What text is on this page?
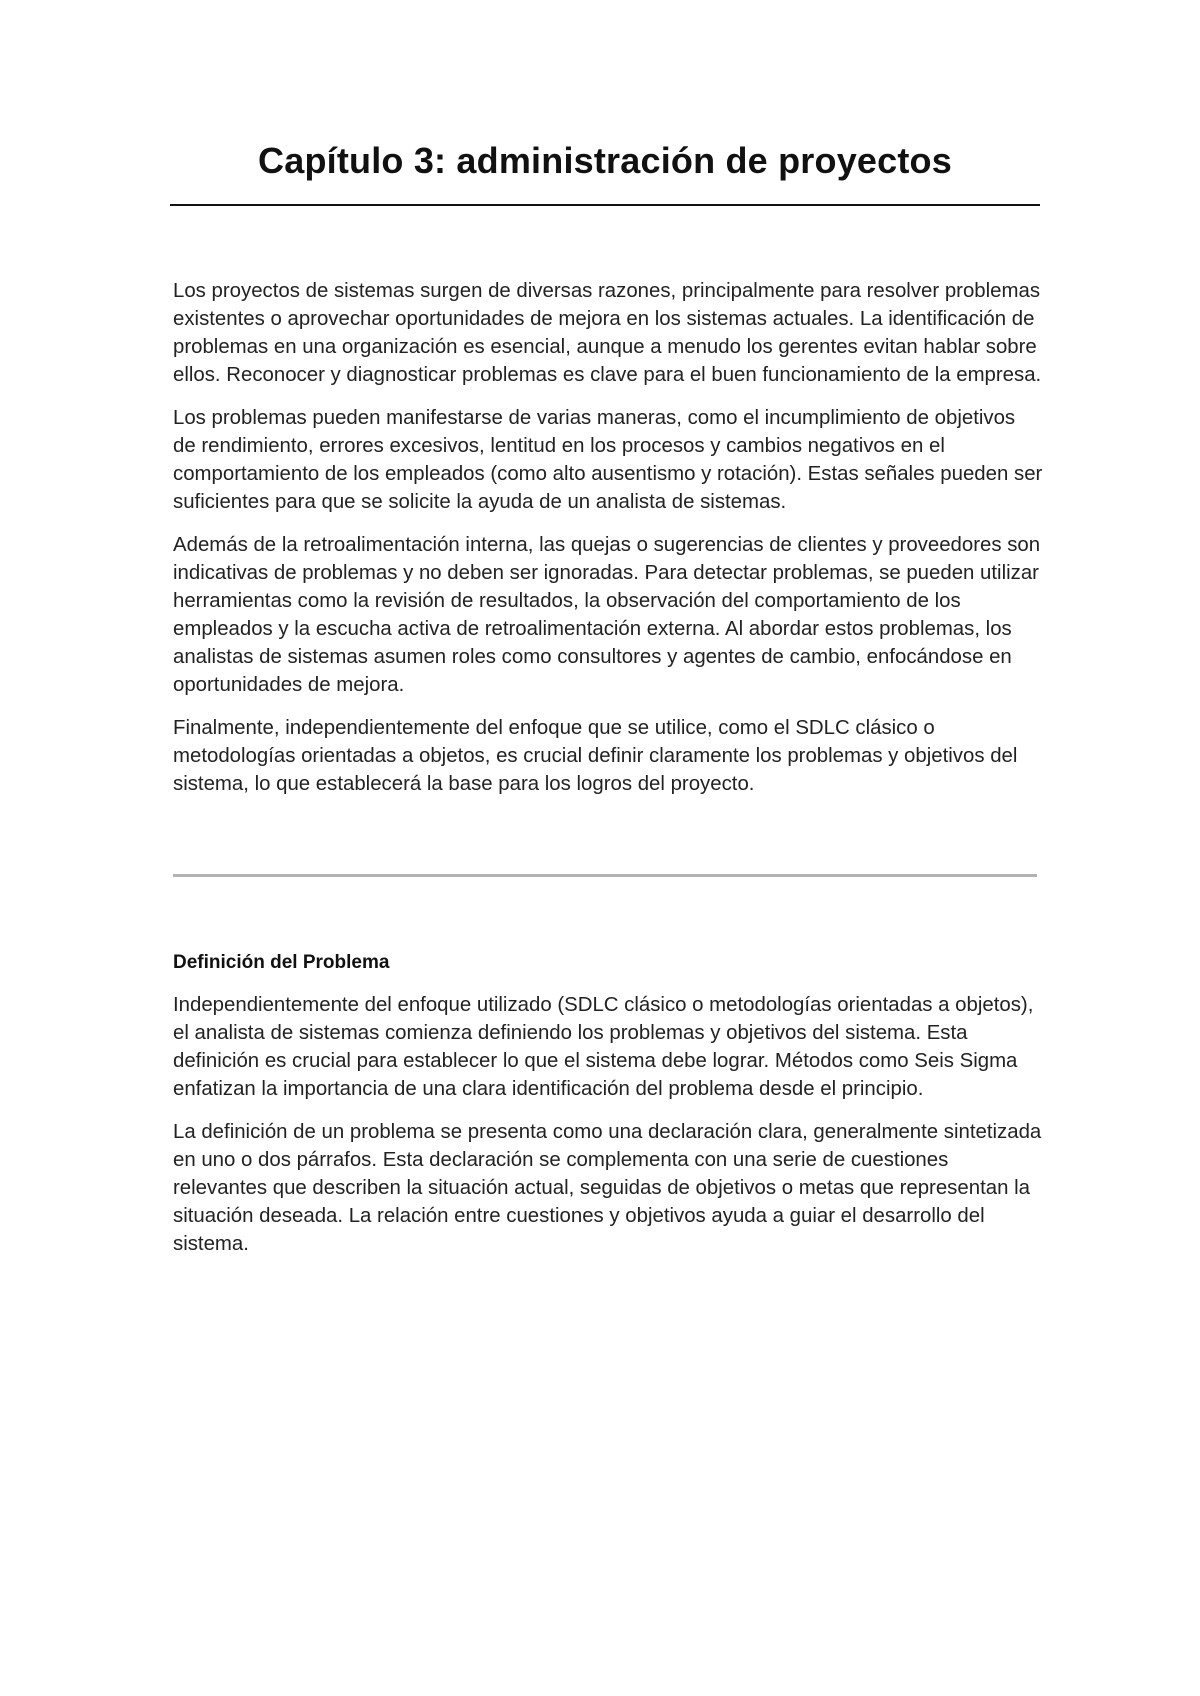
Capítulo 3: administración de proyectos

Los proyectos de sistemas surgen de diversas razones, principalmente para resolver problemas existentes o aprovechar oportunidades de mejora en los sistemas actuales. La identificación de problemas en una organización es esencial, aunque a menudo los gerentes evitan hablar sobre ellos. Reconocer y diagnosticar problemas es clave para el buen funcionamiento de la empresa.

Los problemas pueden manifestarse de varias maneras, como el incumplimiento de objetivos de rendimiento, errores excesivos, lentitud en los procesos y cambios negativos en el comportamiento de los empleados (como alto ausentismo y rotación). Estas señales pueden ser suficientes para que se solicite la ayuda de un analista de sistemas.

Además de la retroalimentación interna, las quejas o sugerencias de clientes y proveedores son indicativas de problemas y no deben ser ignoradas. Para detectar problemas, se pueden utilizar herramientas como la revisión de resultados, la observación del comportamiento de los empleados y la escucha activa de retroalimentación externa. Al abordar estos problemas, los analistas de sistemas asumen roles como consultores y agentes de cambio, enfocándose en oportunidades de mejora.

Finalmente, independientemente del enfoque que se utilice, como el SDLC clásico o metodologías orientadas a objetos, es crucial definir claramente los problemas y objetivos del sistema, lo que establecerá la base para los logros del proyecto.

Definición del Problema

Independientemente del enfoque utilizado (SDLC clásico o metodologías orientadas a objetos), el analista de sistemas comienza definiendo los problemas y objetivos del sistema. Esta definición es crucial para establecer lo que el sistema debe lograr. Métodos como Seis Sigma enfatizan la importancia de una clara identificación del problema desde el principio.

La definición de un problema se presenta como una declaración clara, generalmente sintetizada en uno o dos párrafos. Esta declaración se complementa con una serie de cuestiones relevantes que describen la situación actual, seguidas de objetivos o metas que representan la situación deseada. La relación entre cuestiones y objetivos ayuda a guiar el desarrollo del sistema.
